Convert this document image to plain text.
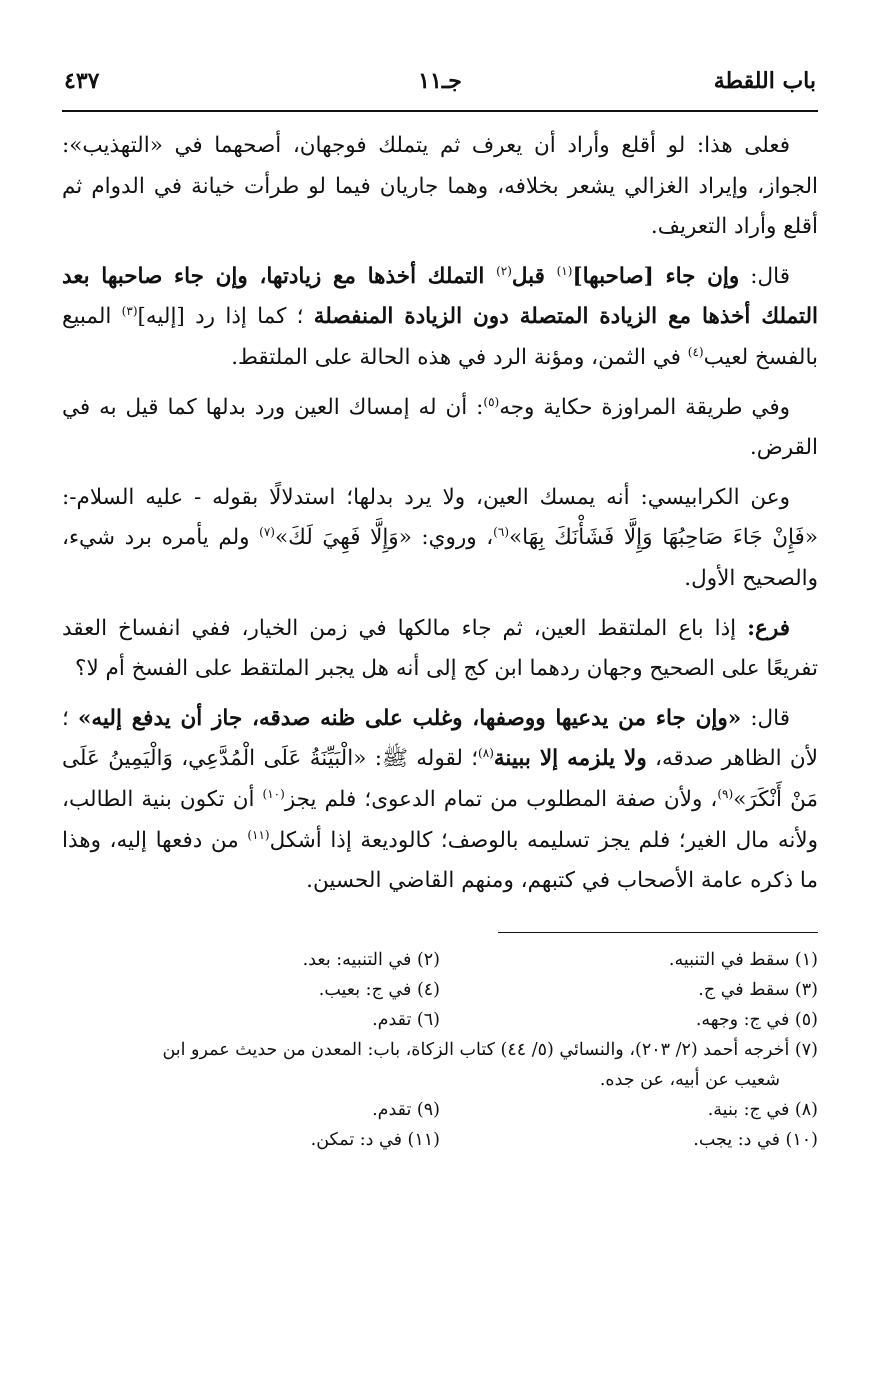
باب اللقطة
جـ١١
٤٣٧

فعلى هذا: لو أقلع وأراد أن يعرف ثم يتملك فوجهان، أصحهما في «التهذيب»: الجواز، وإيراد الغزالي يشعر بخلافه، وهما جاريان فيما لو طرأت خيانة في الدوام ثم أقلع وأراد التعريف.

قال: وإن جاء [صاحبها]$^{(١)}$ قبل$^{(٢)}$ التملك أخذها مع زيادتها، وإن جاء صاحبها بعد التملك أخذها مع الزيادة المتصلة دون الزيادة المنفصلة ؛ كما إذا رد [إليه]$^{(٣)}$ المبيع بالفسخ لعيب$^{(٤)}$ في الثمن، ومؤنة الرد في هذه الحالة على الملتقط.

وفي طريقة المراوزة حكاية وجه$^{(٥)}$: أن له إمساك العين ورد بدلها كما قيل به في القرض.

وعن الكرابيسي: أنه يمسك العين، ولا يرد بدلها؛ استدلالًا بقوله - عليه السلام-: «فَإِنْ جَاءَ صَاحِبُهَا وَإِلَّا فَشَأْنَكَ بِهَا»$^{(٦)}$، وروي: «وَإِلَّا فَهِيَ لَكَ»$^{(٧)}$ ولم يأمره برد شيء، والصحيح الأول.

فرع: إذا باع الملتقط العين، ثم جاء مالكها في زمن الخيار، ففي انفساخ العقد تفريعًا على الصحيح وجهان ردهما ابن كج إلى أنه هل يجبر الملتقط على الفسخ أم لا؟

قال: «وإن جاء من يدعيها ووصفها، وغلب على ظنه صدقه، جاز أن يدفع إليه» ؛ لأن الظاهر صدقه، ولا يلزمه إلا ببينة$^{(٨)}$؛ لقوله ﷺ: «الْبَيِّنَةُ عَلَى الْمُدَّعِي، وَالْيَمِينُ عَلَى مَنْ أَنْكَرَ»$^{(٩)}$، ولأن صفة المطلوب من تمام الدعوى؛ فلم يجز$^{(١٠)}$ أن تكون بنية الطالب، ولأنه مال الغير؛ فلم يجز تسليمه بالوصف؛ كالوديعة إذا أشكل$^{(١١)}$ من دفعها إليه، وهذا ما ذكره عامة الأصحاب في كتبهم، ومنهم القاضي الحسين.

(١) سقط في التنبيه.
(٢) في التنبيه: بعد.
(٣) سقط في ج.
(٤) في ج: بعيب.
(٥) في ج: وجهه.
(٦) تقدم.
(٧) أخرجه أحمد (٢/ ٢٠٣)، والنسائي (٥/ ٤٤) كتاب الزكاة، باب: المعدن من حديث عمرو ابن
شعيب عن أبيه، عن جده.
(٨) في ج: بنية.
(٩) تقدم.
(١٠) في د: يجب.
(١١) في د: تمكن.
